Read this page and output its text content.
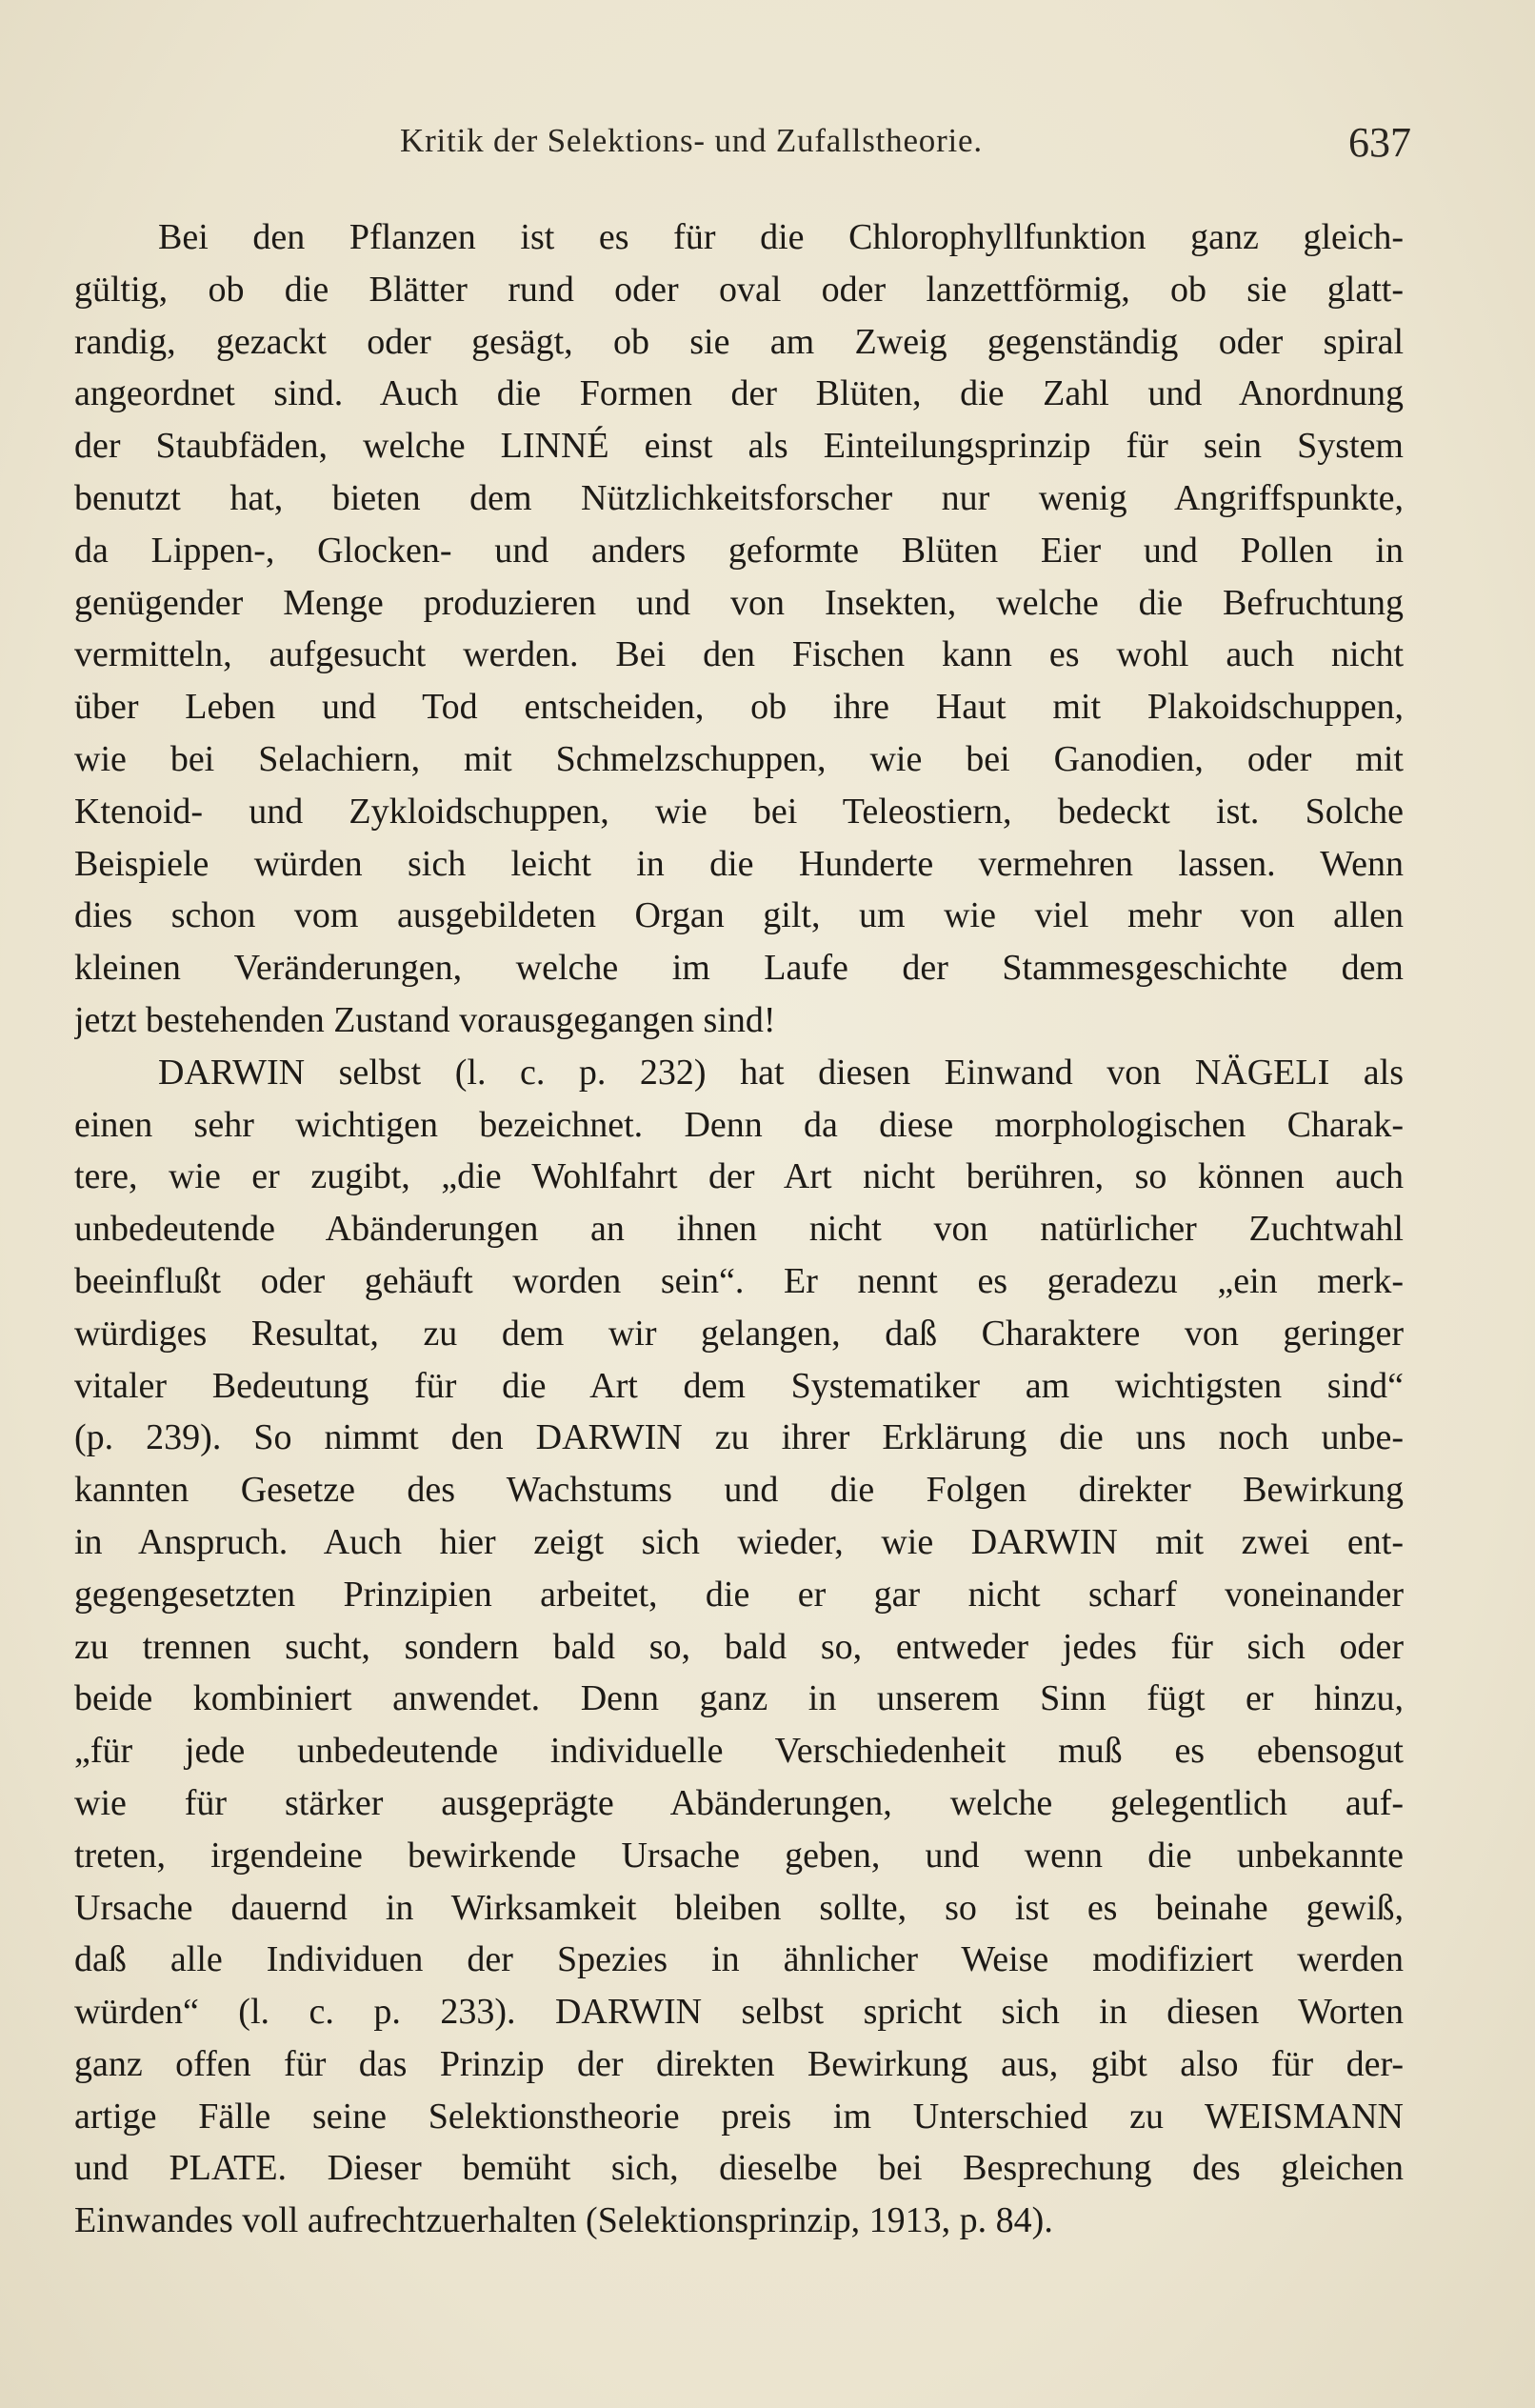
Kritik der Selektions- und Zufallstheorie.	637
Bei den Pflanzen ist es für die Chlorophyllfunktion ganz gleich-
gültig, ob die Blätter rund oder oval oder lanzettförmig, ob sie glatt-
randig, gezackt oder gesägt, ob sie am Zweig gegenständig oder spiral
angeordnet sind. Auch die Formen der Blüten, die Zahl und Anordnung
der Staubfäden, welche LINNÉ einst als Einteilungsprinzip für sein System
benutzt hat, bieten dem Nützlichkeitsforscher nur wenig Angriffspunkte,
da Lippen-, Glocken- und anders geformte Blüten Eier und Pollen in
genügender Menge produzieren und von Insekten, welche die Befruchtung
vermitteln, aufgesucht werden. Bei den Fischen kann es wohl auch nicht
über Leben und Tod entscheiden, ob ihre Haut mit Plakoidschuppen,
wie bei Selachiern, mit Schmelzschuppen, wie bei Ganodien, oder mit
Ktenoid- und Zykloidschuppen, wie bei Teleostiern, bedeckt ist. Solche
Beispiele würden sich leicht in die Hunderte vermehren lassen. Wenn
dies schon vom ausgebildeten Organ gilt, um wie viel mehr von allen
kleinen Veränderungen, welche im Laufe der Stammesgeschichte dem
jetzt bestehenden Zustand vorausgegangen sind!
DARWIN selbst (l. c. p. 232) hat diesen Einwand von NÄGELI als
einen sehr wichtigen bezeichnet. Denn da diese morphologischen Charak-
tere, wie er zugibt, „die Wohlfahrt der Art nicht berühren, so können auch
unbedeutende Abänderungen an ihnen nicht von natürlicher Zuchtwahl
beeinflußt oder gehäuft worden sein“. Er nennt es geradezu „ein merk-
würdiges Resultat, zu dem wir gelangen, daß Charaktere von geringer
vitaler Bedeutung für die Art dem Systematiker am wichtigsten sind“
(p. 239). So nimmt den DARWIN zu ihrer Erklärung die uns noch unbe-
kannten Gesetze des Wachstums und die Folgen direkter Bewirkung
in Anspruch. Auch hier zeigt sich wieder, wie DARWIN mit zwei ent-
gegengesetzten Prinzipien arbeitet, die er gar nicht scharf voneinander
zu trennen sucht, sondern bald so, bald so, entweder jedes für sich oder
beide kombiniert anwendet. Denn ganz in unserem Sinn fügt er hinzu,
„für jede unbedeutende individuelle Verschiedenheit muß es ebensogut
wie für stärker ausgeprägte Abänderungen, welche gelegentlich auf-
treten, irgendeine bewirkende Ursache geben, und wenn die unbekannte
Ursache dauernd in Wirksamkeit bleiben sollte, so ist es beinahe gewiß,
daß alle Individuen der Spezies in ähnlicher Weise modifiziert werden
würden“ (l. c. p. 233). DARWIN selbst spricht sich in diesen Worten
ganz offen für das Prinzip der direkten Bewirkung aus, gibt also für der-
artige Fälle seine Selektionstheorie preis im Unterschied zu WEISMANN
und PLATE. Dieser bemüht sich, dieselbe bei Besprechung des gleichen
Einwandes voll aufrechtzuerhalten (Selektionsprinzip, 1913, p. 84).
